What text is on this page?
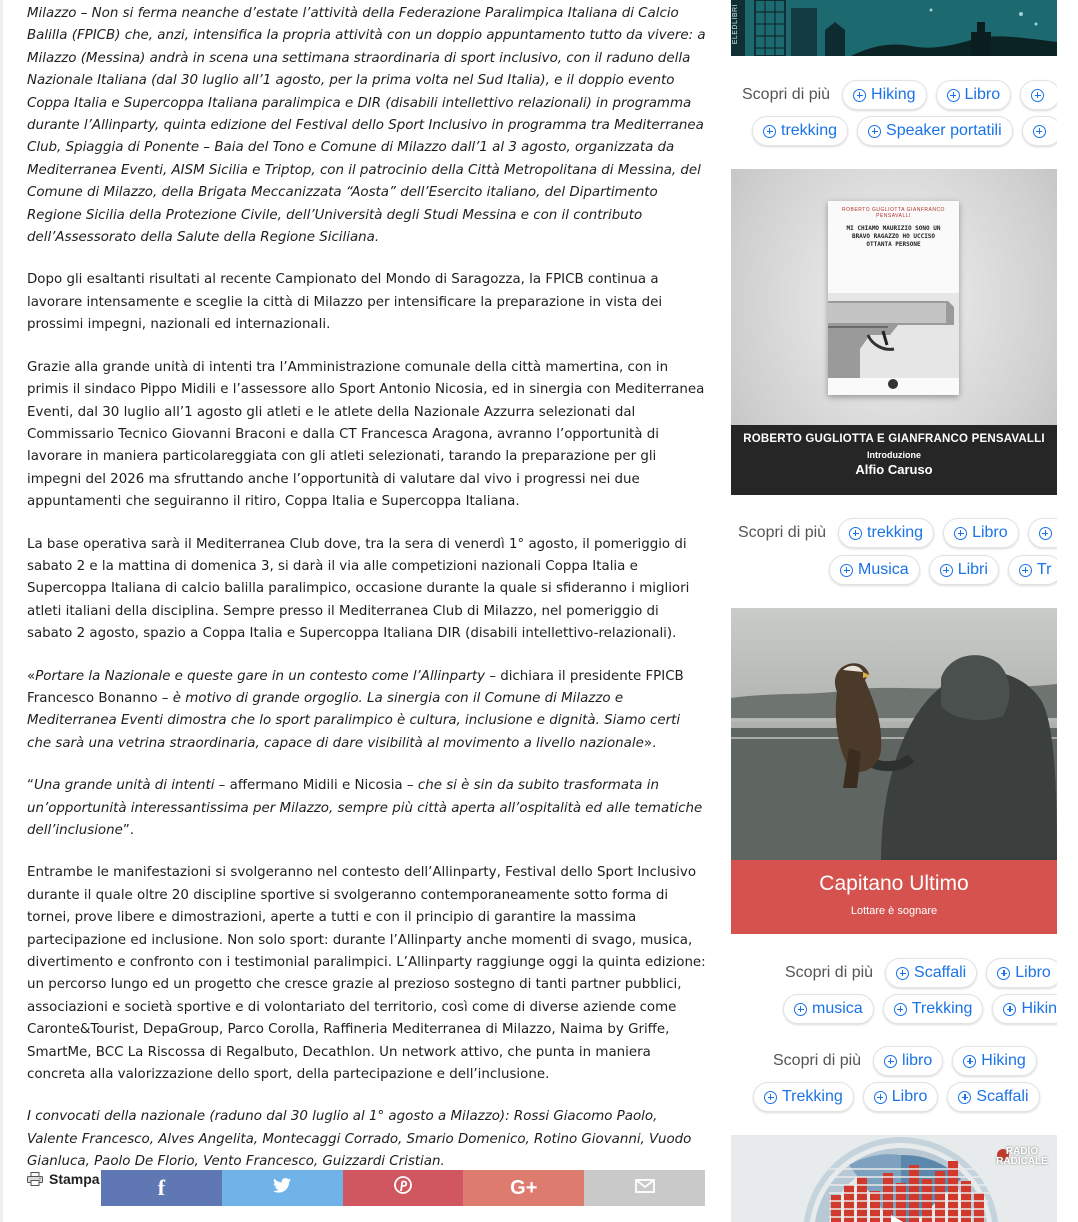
Milazzo – Non si ferma neanche d’estate l’attività della Federazione Paralimpica Italiana di Calcio Balilla (FPICB) che, anzi, intensifica la propria attività con un doppio appuntamento tutto da vivere: a Milazzo (Messina) andrà in scena una settimana straordinaria di sport inclusivo, con il raduno della Nazionale Italiana (dal 30 luglio all’1 agosto, per la prima volta nel Sud Italia), e il doppio evento Coppa Italia e Supercoppa Italiana paralimpica e DIR (disabili intellettivo relazionali) in programma durante l’Allinparty, quinta edizione del Festival dello Sport Inclusivo in programma tra Mediterranea Club, Spiaggia di Ponente – Baia del Tono e Comune di Milazzo dall’1 al 3 agosto, organizzata da Mediterranea Eventi, AISM Sicilia e Triptop, con il patrocinio della Città Metropolitana di Messina, del Comune di Milazzo, della Brigata Meccanizzata “Aosta” dell’Esercito italiano, del Dipartimento Regione Sicilia della Protezione Civile, dell’Università degli Studi Messina e con il contributo dell’Assessorato della Salute della Regione Siciliana.

Dopo gli esaltanti risultati al recente Campionato del Mondo di Saragozza, la FPICB continua a lavorare intensamente e sceglie la città di Milazzo per intensificare la preparazione in vista dei prossimi impegni, nazionali ed internazionali.

Grazie alla grande unità di intenti tra l’Amministrazione comunale della città mamertina, con in primis il sindaco Pippo Midili e l’assessore allo Sport Antonio Nicosia, ed in sinergia con Mediterranea Eventi, dal 30 luglio all’1 agosto gli atleti e le atlete della Nazionale Azzurra selezionati dal Commissario Tecnico Giovanni Braconi e dalla CT Francesca Aragona, avranno l’opportunità di lavorare in maniera particolareggiata con gli atleti selezionati, tarando la preparazione per gli impegni del 2026 ma sfruttando anche l’opportunità di valutare dal vivo i progressi nei due appuntamenti che seguiranno il ritiro, Coppa Italia e Supercoppa Italiana.

La base operativa sarà il Mediterranea Club dove, tra la sera di venerdì 1° agosto, il pomeriggio di sabato 2 e la mattina di domenica 3, si darà il via alle competizioni nazionali Coppa Italia e Supercoppa Italiana di calcio balilla paralimpico, occasione durante la quale si sfideranno i migliori atleti italiani della disciplina. Sempre presso il Mediterranea Club di Milazzo, nel pomeriggio di sabato 2 agosto, spazio a Coppa Italia e Supercoppa Italiana DIR (disabili intellettivo-relazionali).

«Portare la Nazionale e queste gare in un contesto come l’Allinparty – dichiara il presidente FPICB Francesco Bonanno – è motivo di grande orgoglio. La sinergia con il Comune di Milazzo e Mediterranea Eventi dimostra che lo sport paralimpico è cultura, inclusione e dignità. Siamo certi che sarà una vetrina straordinaria, capace di dare visibilità al movimento a livello nazionale».

“Una grande unità di intenti – affermano Midili e Nicosia – che si è sin da subito trasformata in un’opportunità interessantissima per Milazzo, sempre più città aperta all’ospitalità ed alle tematiche dell’inclusione”.

Entrambe le manifestazioni si svolgeranno nel contesto dell’Allinparty, Festival dello Sport Inclusivo durante il quale oltre 20 discipline sportive si svolgeranno contemporaneamente sotto forma di tornei, prove libere e dimostrazioni, aperte a tutti e con il principio di garantire la massima partecipazione ed inclusione. Non solo sport: durante l’Allinparty anche momenti di svago, musica, divertimento e confronto con i testimonial paralimpici. L’Allinparty raggiunge oggi la quinta edizione: un percorso lungo ed un progetto che cresce grazie al prezioso sostegno di tanti partner pubblici, associazioni e società sportive e di volontariato del territorio, così come di diverse aziende come Caronte&Tourist, DepaGroup, Parco Corolla, Raffineria Mediterranea di Milazzo, Naima by Griffe, SmartMe, BCC La Riscossa di Regalbuto, Decathlon. Un network attivo, che punta in maniera concreta alla valorizzazione dello sport, della partecipazione e dell’inclusione.

I convocati della nazionale (raduno dal 30 luglio al 1° agosto a Milazzo): Rossi Giacomo Paolo, Valente Francesco, Alves Angelita, Montecaggi Corrado, Smario Domenico, Rotino Giovanni, Vuodo Gianluca, Paolo De Florio, Vento Francesco, Guizzardi Cristian.

Stampa	f	G+
ELEDLIBRI
Scopri di più	Hiking	Libro
trekking	Speaker portatili
ROBERTO GUGLIOTTA GIANFRANCO PENSAVALLI
MI CHIAMO MAURIZIO SONO UN BRAVO RAGAZZO HO UCCISO OTTANTA PERSONE
ROBERTO GUGLIOTTA E GIANFRANCO PENSAVALLI
Introduzione
Alfio Caruso
Scopri di più	trekking	Libro
Musica	Libri	Tr
Capitano Ultimo
Lottare è sognare
Scopri di più	Scaffali	Libro
musica	Trekking	Hikin
Scopri di più	libro	Hiking
Trekking	Libro	Scaffali
RADIO RADICALE
